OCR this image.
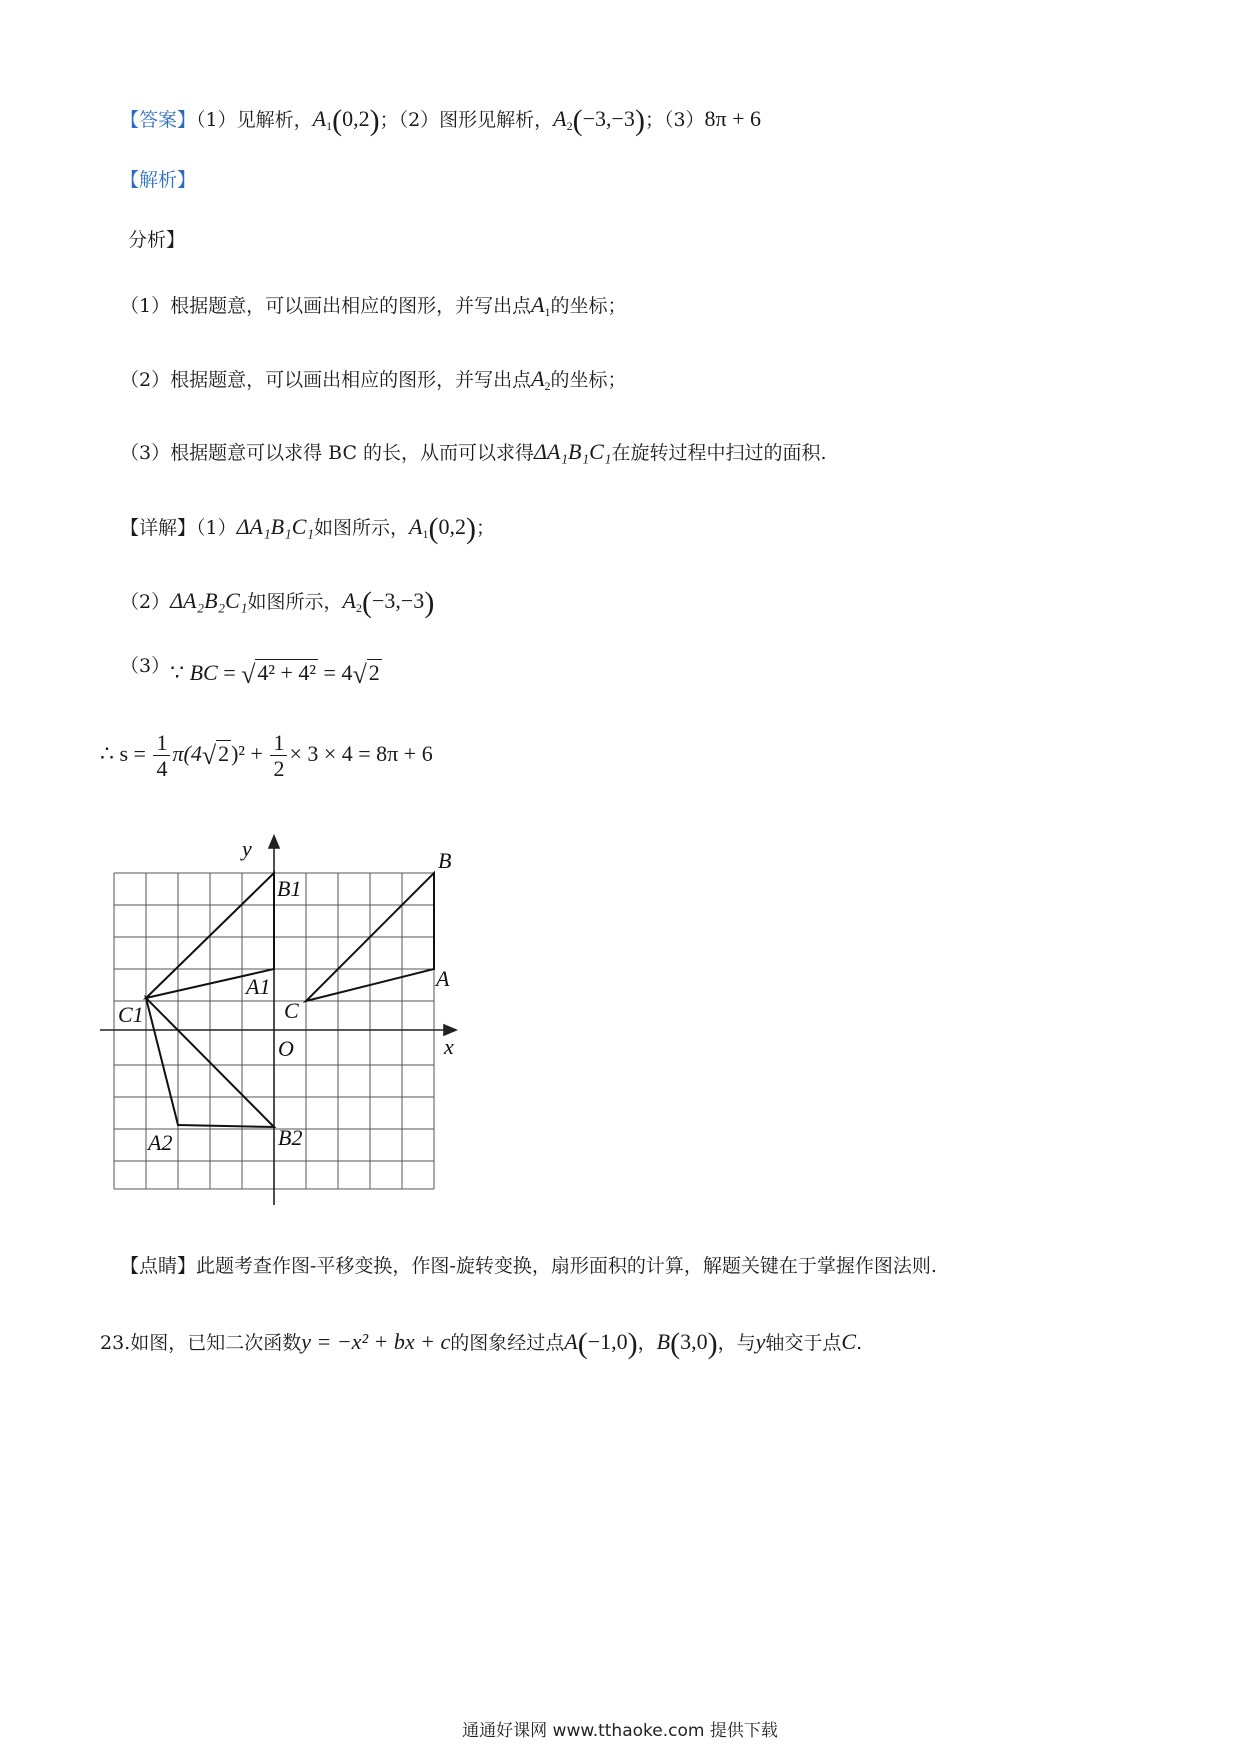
【答案】（1）见解析，$A_1(0,2)$；（2）图形见解析，$A_2(-3,-3)$；（3）8π + 6
【解析】
分析】
（1）根据题意，可以画出相应的图形，并写出点$A_1$的坐标；
（2）根据题意，可以画出相应的图形，并写出点$A_2$的坐标；
（3）根据题意可以求得 BC 的长，从而可以求得ΔA₁B₁C₁在旋转过程中扫过的面积.
【详解】（1）ΔA₁B₁C₁如图所示，$A_1(0,2)$；
（2）ΔA₂B₂C₁如图所示，$A_2(-3,-3)$
（3）∵ BC = √4² + 4² = 4√2
∴ $s = \frac{1}{4} \pi(4√2)^2 + \frac{1}{2} \times 3 \times 4 = 8\pi + 6$
y
x
O
B
A
C
B1
A1
C1
A2	B2
【点睛】此题考查作图-平移变换，作图-旋转变换，扇形面积的计算，解题关键在于掌握作图法则.
23.如图，已知二次函数y = −x² + bx + c的图象经过点A(−1,0)，B(3,0)，与y轴交于点C.
通通好课网 www.tthaoke.com 提供下载
